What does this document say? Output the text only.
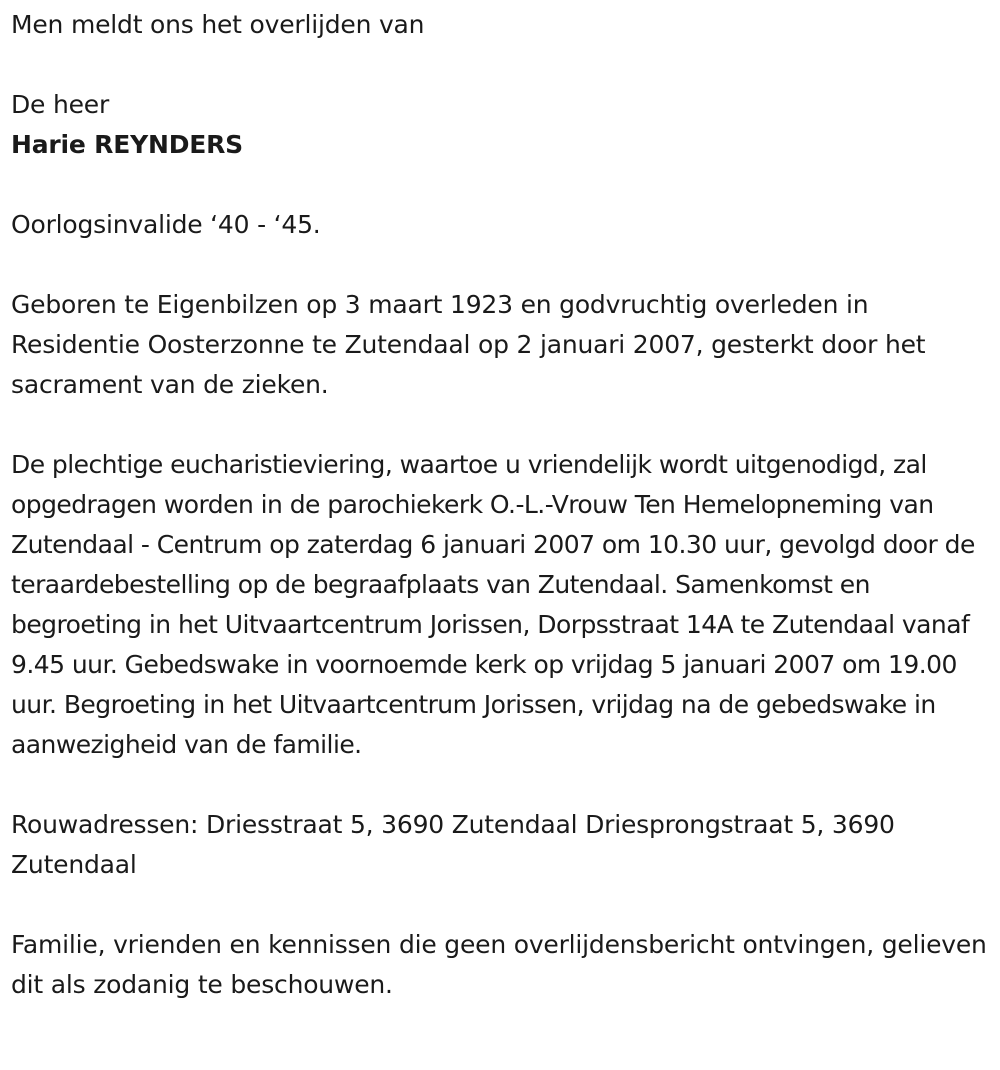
Men meldt ons het overlijden van

De heer

Harie REYNDERS

Oorlogsinvalide ‘40 - ‘45.

Geboren te Eigenbilzen op 3 maart 1923 en godvruchtig overleden in Residentie Oosterzonne te Zutendaal op 2 januari 2007, gesterkt door het sacrament van de zieken.

De plechtige eucharistieviering, waartoe u vriendelijk wordt uitgenodigd, zal opgedragen worden in de parochiekerk O.-L.-Vrouw Ten Hemelopneming van Zutendaal - Centrum op zaterdag 6 januari 2007 om 10.30 uur, gevolgd door de teraardebestelling op de begraafplaats van Zutendaal. Samenkomst en begroeting in het Uitvaartcentrum Jorissen, Dorpsstraat 14A te Zutendaal vanaf 9.45 uur. Gebedswake in voornoemde kerk op vrijdag 5 januari 2007 om 19.00 uur. Begroeting in het Uitvaartcentrum Jorissen, vrijdag na de gebedswake in aanwezigheid van de familie.

Rouwadressen: Driesstraat 5, 3690 Zutendaal Driesprongstraat 5, 3690 Zutendaal

Familie, vrienden en kennissen die geen overlijdensbericht ontvingen, gelieven dit als zodanig te beschouwen.
